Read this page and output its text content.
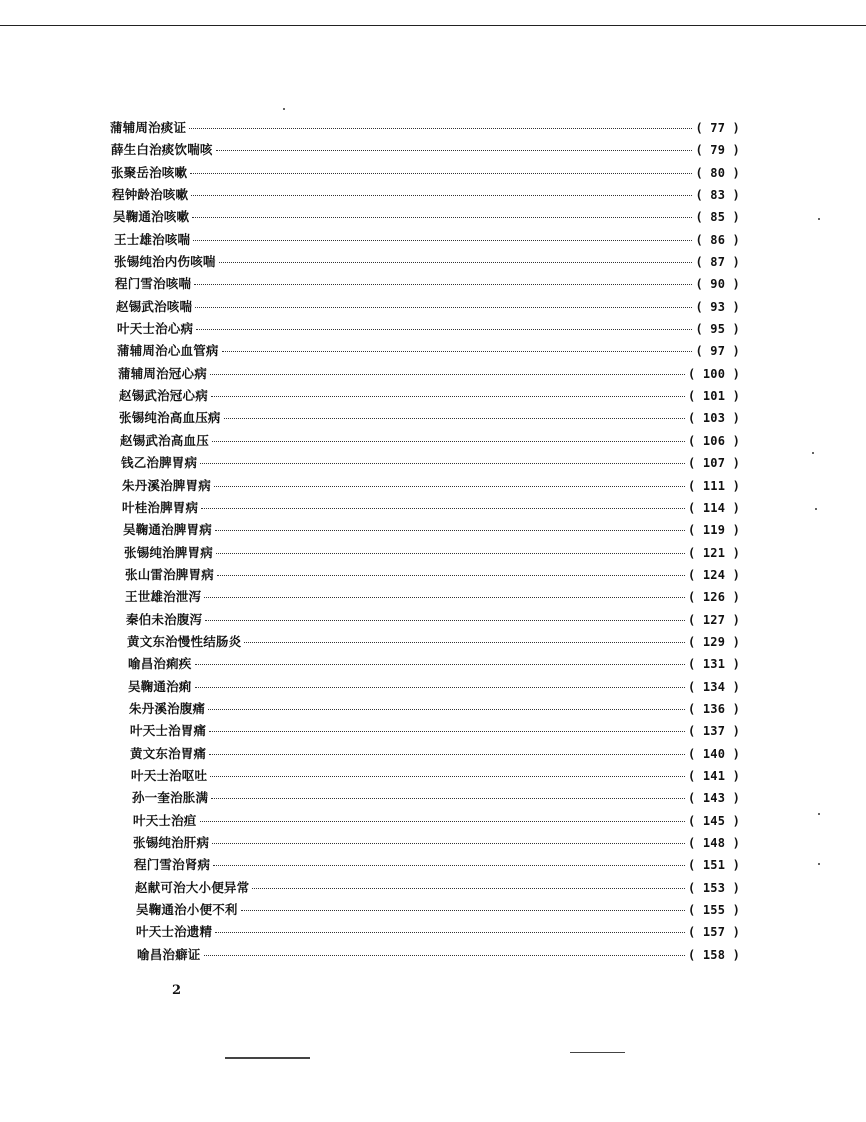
蒲辅周治痰证	( 77 )
薛生白治痰饮喘咳	( 79 )
张聚岳治咳嗽	( 80 )
程钟龄治咳嗽	( 83 )
吴鞠通治咳嗽	( 85 )
王士雄治咳喘	( 86 )
张锡纯治内伤咳喘	( 87 )
程门雪治咳喘	( 90 )
赵锡武治咳喘	( 93 )
叶天士治心病	( 95 )
蒲辅周治心血管病	( 97 )
蒲辅周治冠心病	( 100 )
赵锡武治冠心病	( 101 )
张锡纯治高血压病	( 103 )
赵锡武治高血压	( 106 )
钱乙治脾胃病	( 107 )
朱丹溪治脾胃病	( 111 )
叶桂治脾胃病	( 114 )
吴鞠通治脾胃病	( 119 )
张锡纯治脾胃病	( 121 )
张山雷治脾胃病	( 124 )
王世雄治泄泻	( 126 )
秦伯未治腹泻	( 127 )
黄文东治慢性结肠炎	( 129 )
喻昌治痢疾	( 131 )
吴鞠通治痢	( 134 )
朱丹溪治腹痛	( 136 )
叶天士治胃痛	( 137 )
黄文东治胃痛	( 140 )
叶天士治呕吐	( 141 )
孙一奎治胀满	( 143 )
叶天士治疸	( 145 )
张锡纯治肝病	( 148 )
程门雪治肾病	( 151 )
赵献可治大小便异常	( 153 )
吴鞠通治小便不利	( 155 )
叶天士治遗精	( 157 )
喻昌治癖证	( 158 )
2
